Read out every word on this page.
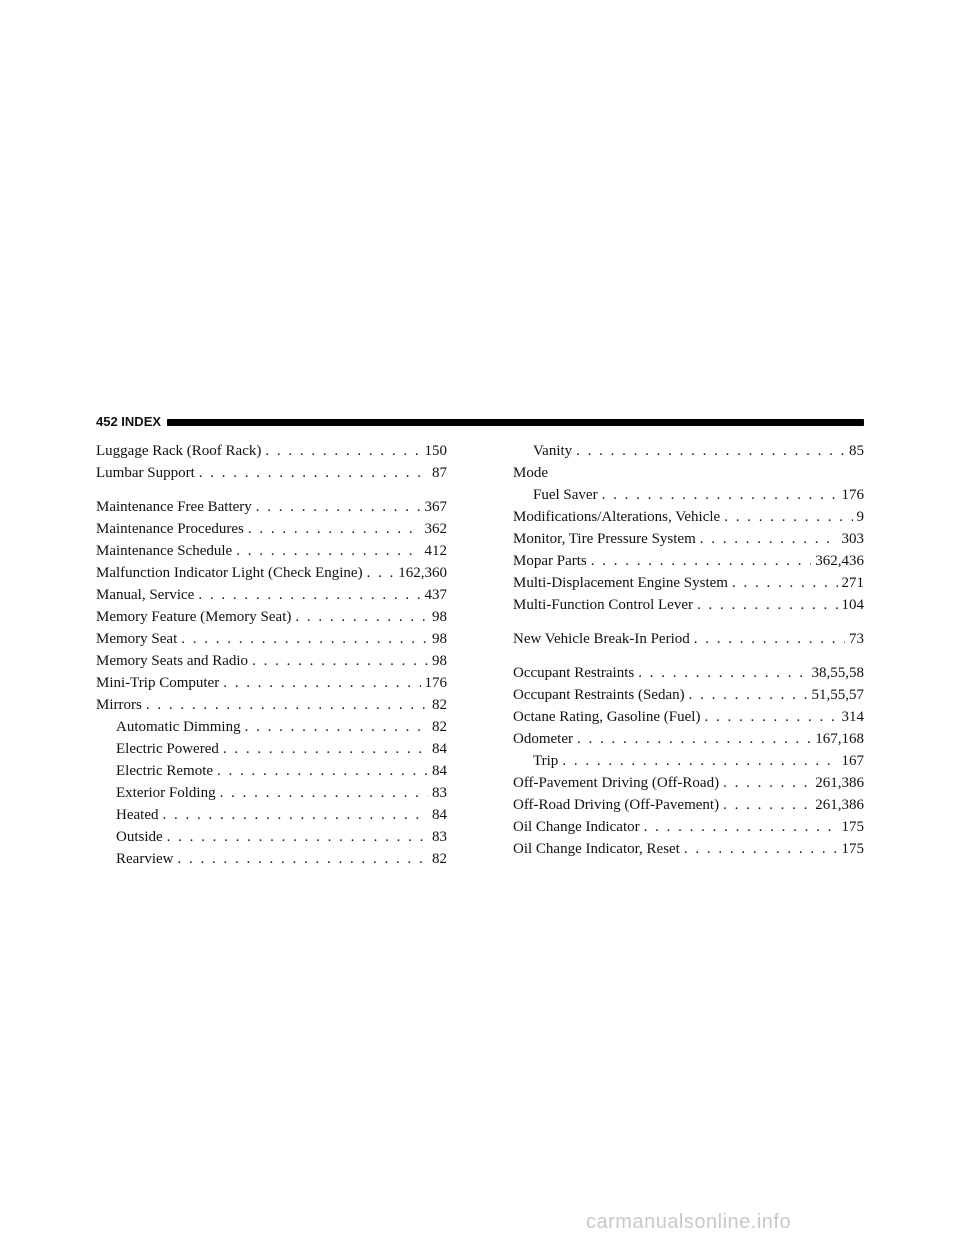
452 INDEX
Luggage Rack (Roof Rack) . . .	150
Lumbar Support . . .	87
Maintenance Free Battery . . .	367
Maintenance Procedures . . .	362
Maintenance Schedule . . .	412
Malfunction Indicator Light (Check Engine) . . . 162,360
Manual, Service . . .	437
Memory Feature (Memory Seat) . . .	98
Memory Seat . . .	98
Memory Seats and Radio . . .	98
Mini-Trip Computer . . .	176
Mirrors . . .	82
Automatic Dimming . . .	82
Electric Powered . . .	84
Electric Remote . . .	84
Exterior Folding . . .	83
Heated . . .	84
Outside . . .	83
Rearview . . .	82
Vanity . . .	85
Mode
Fuel Saver . . .	176
Modifications/Alterations, Vehicle . . .	9
Monitor, Tire Pressure System . . .	303
Mopar Parts . . .	362,436
Multi-Displacement Engine System . . .	271
Multi-Function Control Lever . . .	104
New Vehicle Break-In Period . . .	73
Occupant Restraints . . .	38,55,58
Occupant Restraints (Sedan) . . .	51,55,57
Octane Rating, Gasoline (Fuel) . . .	314
Odometer . . .	167,168
Trip . . .	167
Off-Pavement Driving (Off-Road) . . .	261,386
Off-Road Driving (Off-Pavement) . . .	261,386
Oil Change Indicator . . .	175
Oil Change Indicator, Reset . . .	175
carmanualsonline.info
